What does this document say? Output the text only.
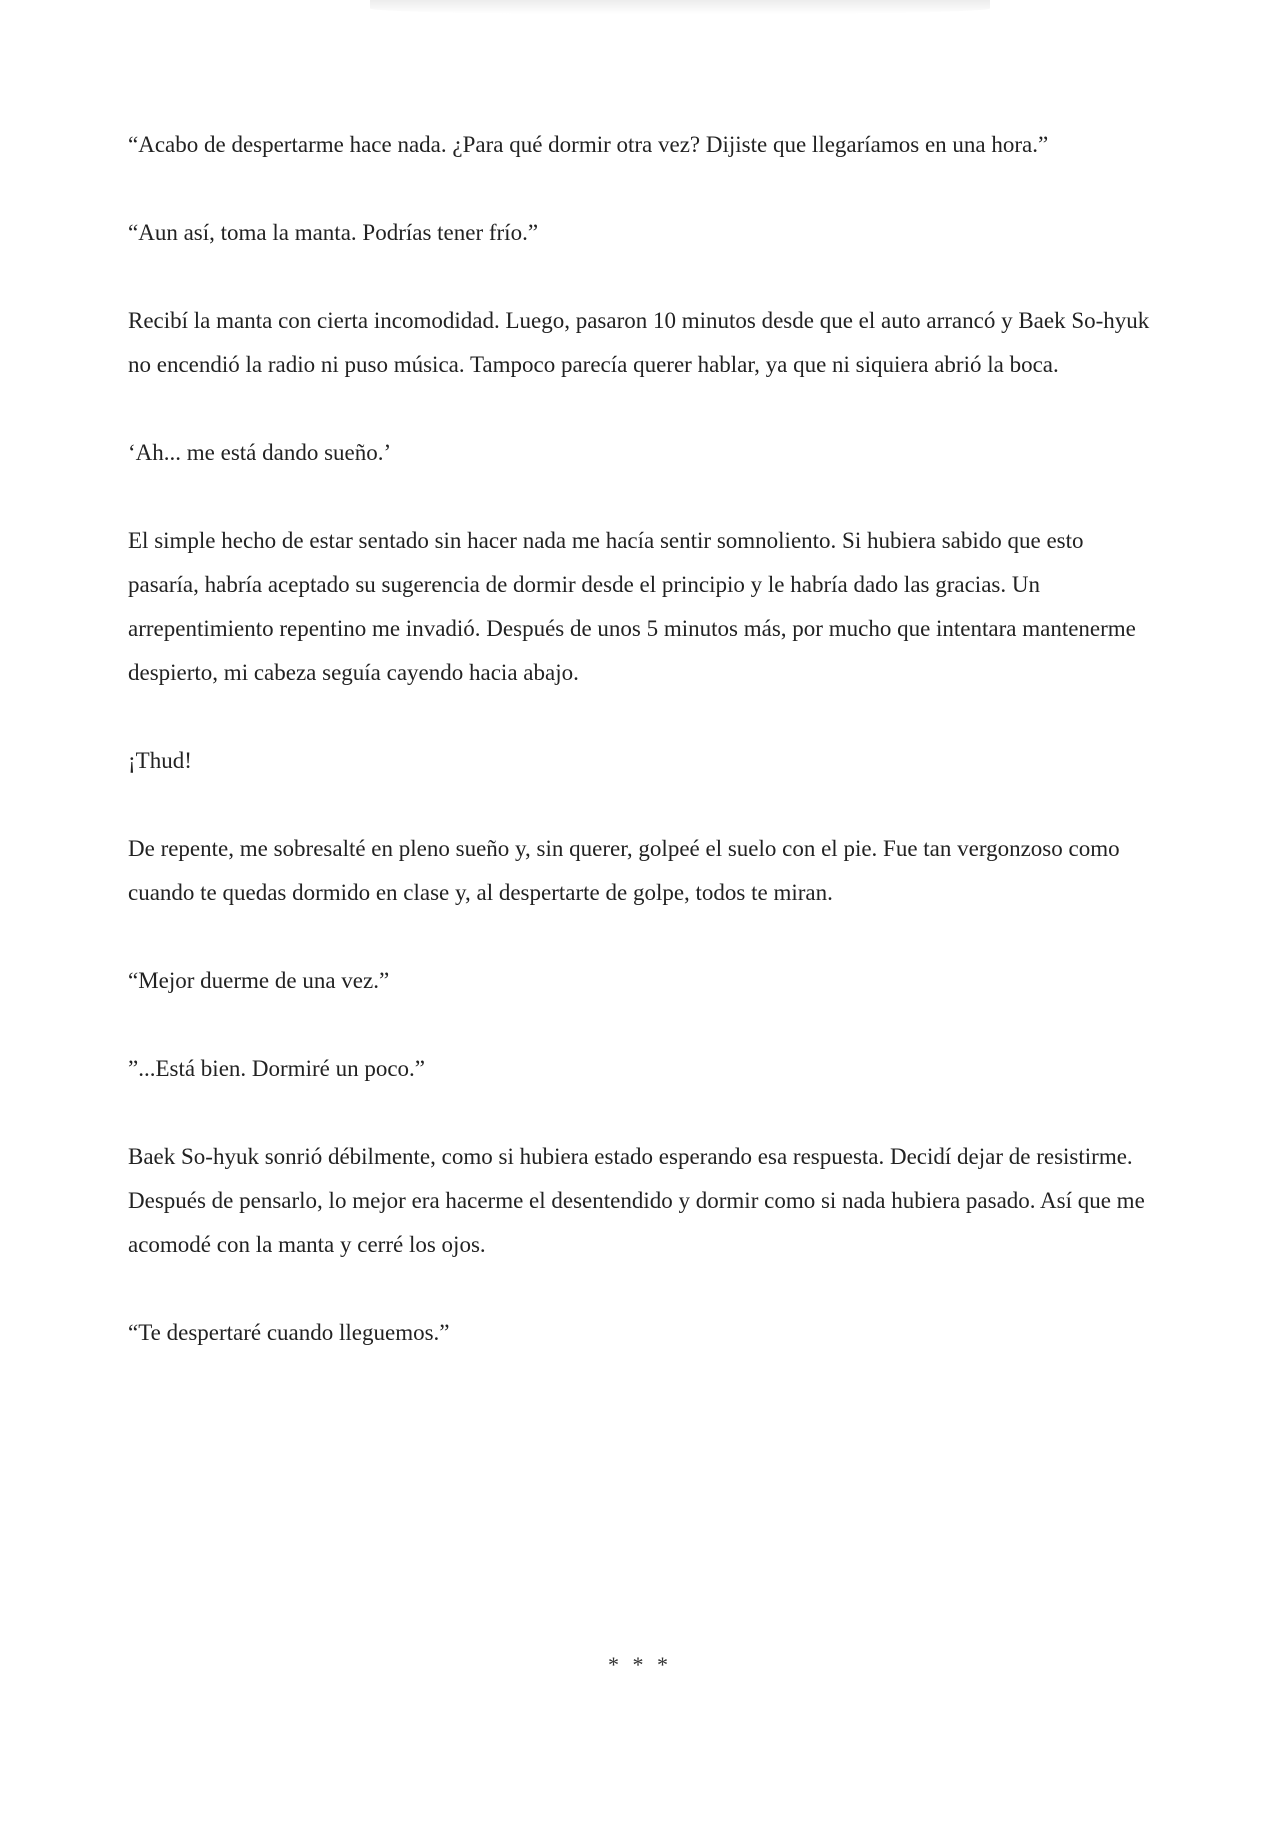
“Acabo de despertarme hace nada. ¿Para qué dormir otra vez? Dijiste que llegaríamos en una hora.”

“Aun así, toma la manta. Podrías tener frío.”

Recibí la manta con cierta incomodidad. Luego, pasaron 10 minutos desde que el auto arrancó y Baek So-hyuk no encendió la radio ni puso música. Tampoco parecía querer hablar, ya que ni siquiera abrió la boca.

‘Ah... me está dando sueño.’

El simple hecho de estar sentado sin hacer nada me hacía sentir somnoliento. Si hubiera sabido que esto pasaría, habría aceptado su sugerencia de dormir desde el principio y le habría dado las gracias. Un arrepentimiento repentino me invadió. Después de unos 5 minutos más, por mucho que intentara mantenerme despierto, mi cabeza seguía cayendo hacia abajo.

¡Thud!

De repente, me sobresalté en pleno sueño y, sin querer, golpeé el suelo con el pie. Fue tan vergonzoso como cuando te quedas dormido en clase y, al despertarte de golpe, todos te miran.

“Mejor duerme de una vez.”

”...Está bien. Dormiré un poco.”

Baek So-hyuk sonrió débilmente, como si hubiera estado esperando esa respuesta. Decidí dejar de resistirme. Después de pensarlo, lo mejor era hacerme el desentendido y dormir como si nada hubiera pasado. Así que me acomodé con la manta y cerré los ojos.

“Te despertaré cuando lleguemos.”

* * *
